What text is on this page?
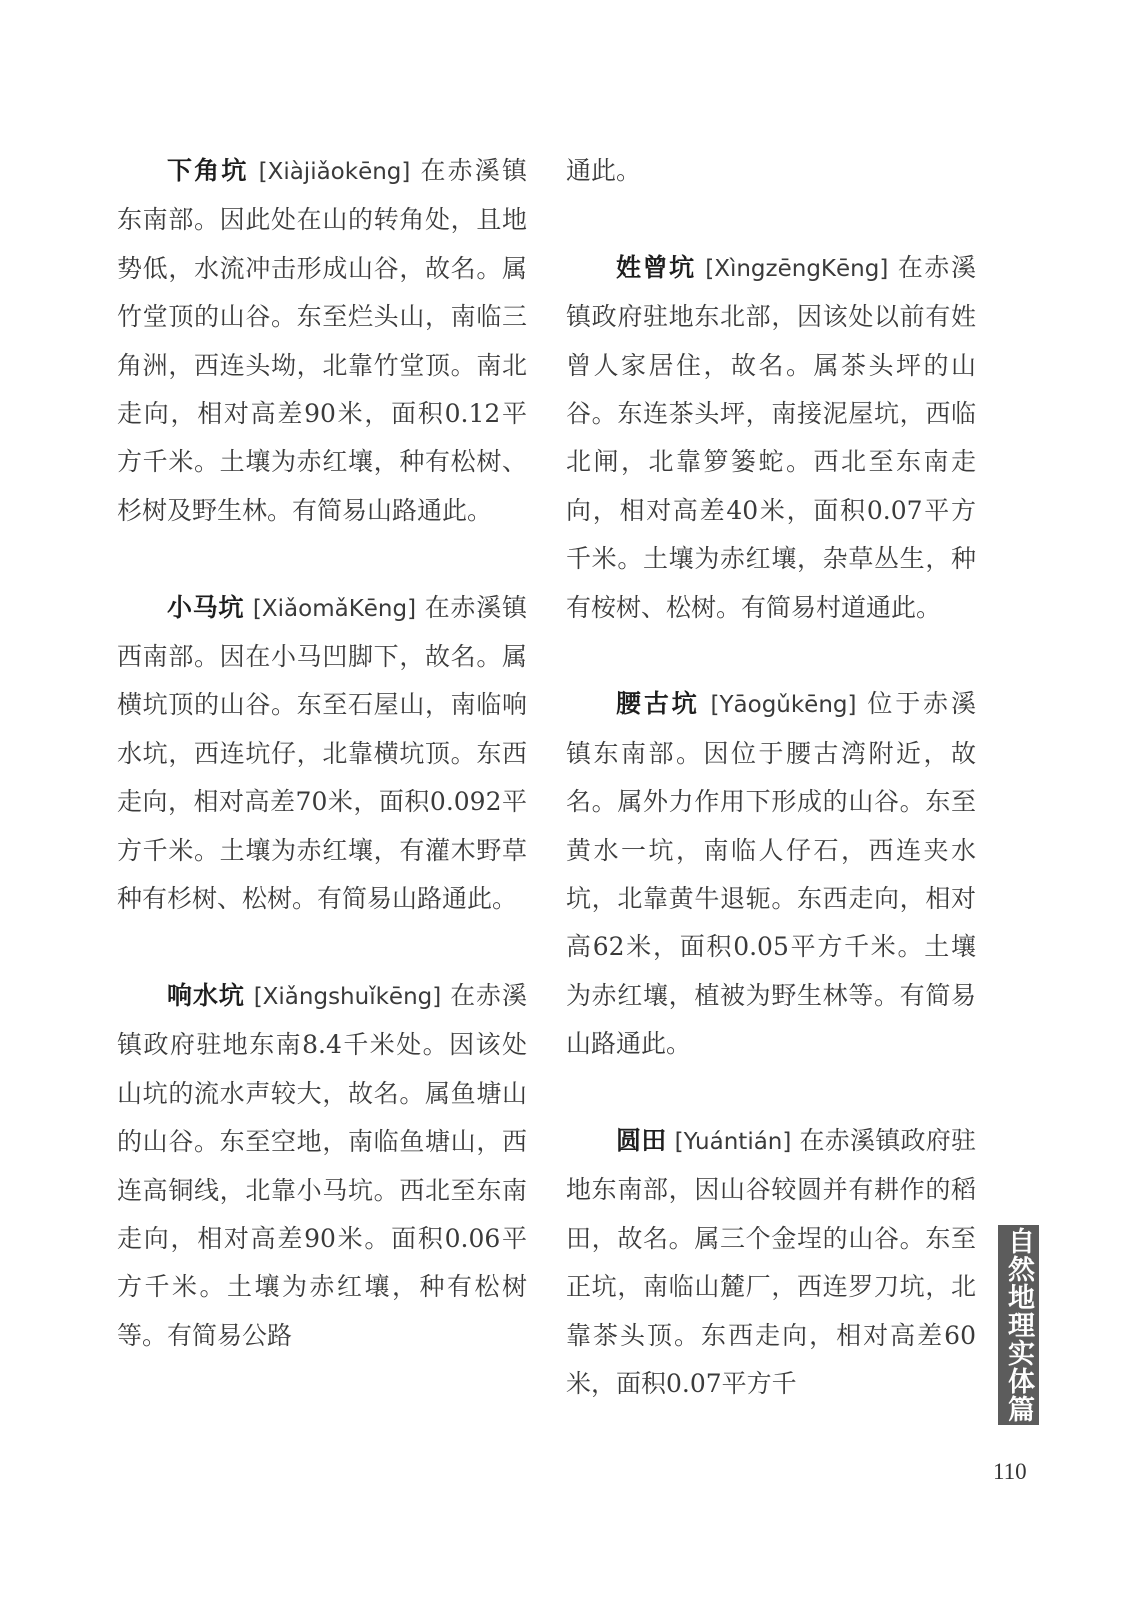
下角坑 [Xiàjiǎokēng] 在赤溪镇东南部。因此处在山的转角处，且地势低，水流冲击形成山谷，故名。属竹堂顶的山谷。东至烂头山，南临三角洲，西连头坳，北靠竹堂顶。南北走向，相对高差90米，面积0.12平方千米。土壤为赤红壤，种有松树、杉树及野生林。有简易山路通此。

小马坑 [XiǎomǎKēng] 在赤溪镇西南部。因在小马凹脚下，故名。属横坑顶的山谷。东至石屋山，南临响水坑，西连坑仔，北靠横坑顶。东西走向，相对高差70米，面积0.092平方千米。土壤为赤红壤，有灌木野草种有杉树、松树。有简易山路通此。

响水坑 [Xiǎngshuǐkēng] 在赤溪镇政府驻地东南8.4千米处。因该处山坑的流水声较大，故名。属鱼塘山的山谷。东至空地，南临鱼塘山，西连高铜线，北靠小马坑。西北至东南走向，相对高差90米。面积0.06平方千米。土壤为赤红壤，种有松树等。有简易公路

通此。

姓曾坑 [XìngzēngKēng] 在赤溪镇政府驻地东北部，因该处以前有姓曾人家居住，故名。属茶头坪的山谷。东连茶头坪，南接泥屋坑，西临北闸，北靠箩篓蛇。西北至东南走向，相对高差40米，面积0.07平方千米。土壤为赤红壤，杂草丛生，种有桉树、松树。有简易村道通此。

腰古坑 [Yāogǔkēng] 位于赤溪镇东南部。因位于腰古湾附近，故名。属外力作用下形成的山谷。东至黄水一坑，南临人仔石，西连夹水坑，北靠黄牛退轭。东西走向，相对高62米，面积0.05平方千米。土壤为赤红壤，植被为野生林等。有简易山路通此。

圆田 [Yuántián] 在赤溪镇政府驻地东南部，因山谷较圆并有耕作的稻田，故名。属三个金埕的山谷。东至正坑，南临山麓厂，西连罗刀坑，北靠茶头顶。东西走向，相对高差60米，面积0.07平方千	自然地理实体篇
110
